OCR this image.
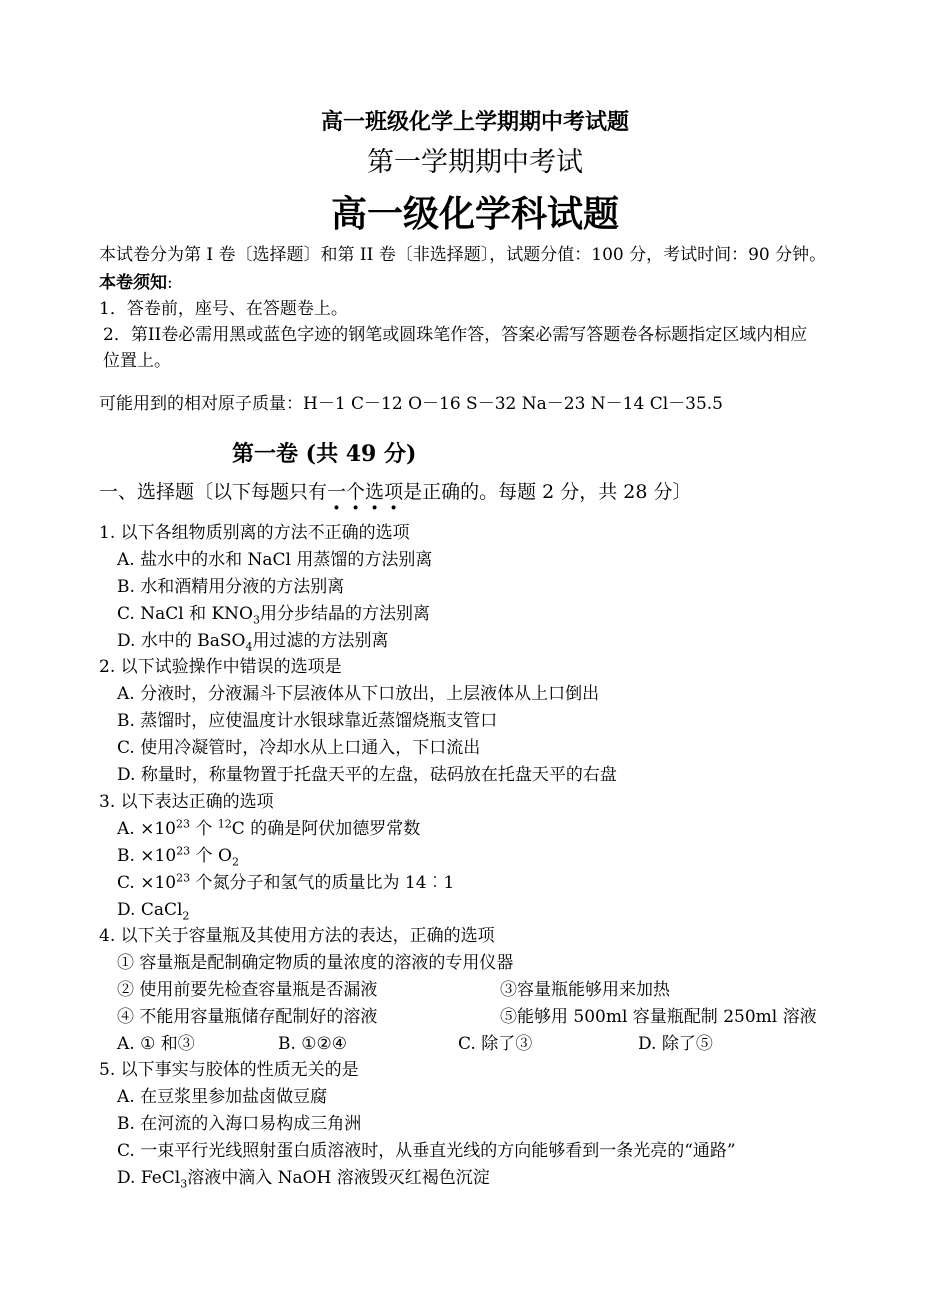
高一班级化学上学期期中考试题
第一学期期中考试
高一级化学科试题
本试卷分为第 I 卷〔选择题〕和第 II 卷〔非选择题〕，试题分值：100 分，考试时间：90 分钟。
本卷须知:
1．答卷前，座号、在答题卷上。
2．第II卷必需用黑或蓝色字迹的钢笔或圆珠笔作答，答案必需写答题卷各标题指定区域内相应
位置上。
可能用到的相对原子质量：H－1 C－12 O－16 S－32 Na－23 N－14 Cl－35.5
第一卷 (共 49 分)
一、选择题〔以下每题只有一个选项是正确的。每题 2 分，共 28 分〕
1. 以下各组物质别离的方法不正确的选项
A. 盐水中的水和 NaCl 用蒸馏的方法别离
B. 水和酒精用分液的方法别离
C. NaCl 和 $KNO_3$用分步结晶的方法别离
D. 水中的 BaSO$_4$用过滤的方法别离
2. 以下试验操作中错误的选项是
A. 分液时，分液漏斗下层液体从下口放出，上层液体从上口倒出
B. 蒸馏时，应使温度计水银球靠近蒸馏烧瓶支管口
C. 使用冷凝管时，冷却水从上口通入，下口流出
D. 称量时，称量物置于托盘天平的左盘，砝码放在托盘天平的右盘
3. 以下表达正确的选项
A. $\times 10^{23}$ 个 $^{12}$C 的确是阿伏加德罗常数
B. $\times 10^{23}$ 个 $O_2$
C. $\times 10^{23}$ 个氮分子和氢气的质量比为 14︰1
D. CaCl$_2$
4. 以下关于容量瓶及其使用方法的表达，正确的选项
① 容量瓶是配制确定物质的量浓度的溶液的专用仪器
② 使用前要先检查容量瓶是否漏液	③容量瓶能够用来加热
④ 不能用容量瓶储存配制好的溶液	⑤能够用 500ml 容量瓶配制 250ml 溶液
A. ① 和③	B. ①②④	C. 除了③	D. 除了⑤
5. 以下事实与胶体的性质无关的是
A. 在豆浆里参加盐卤做豆腐
B. 在河流的入海口易构成三角洲
C. 一束平行光线照射蛋白质溶液时，从垂直光线的方向能够看到一条光亮的“通路”
D. FeCl$_3$溶液中滴入 NaOH 溶液毁灭红褐色沉淀
